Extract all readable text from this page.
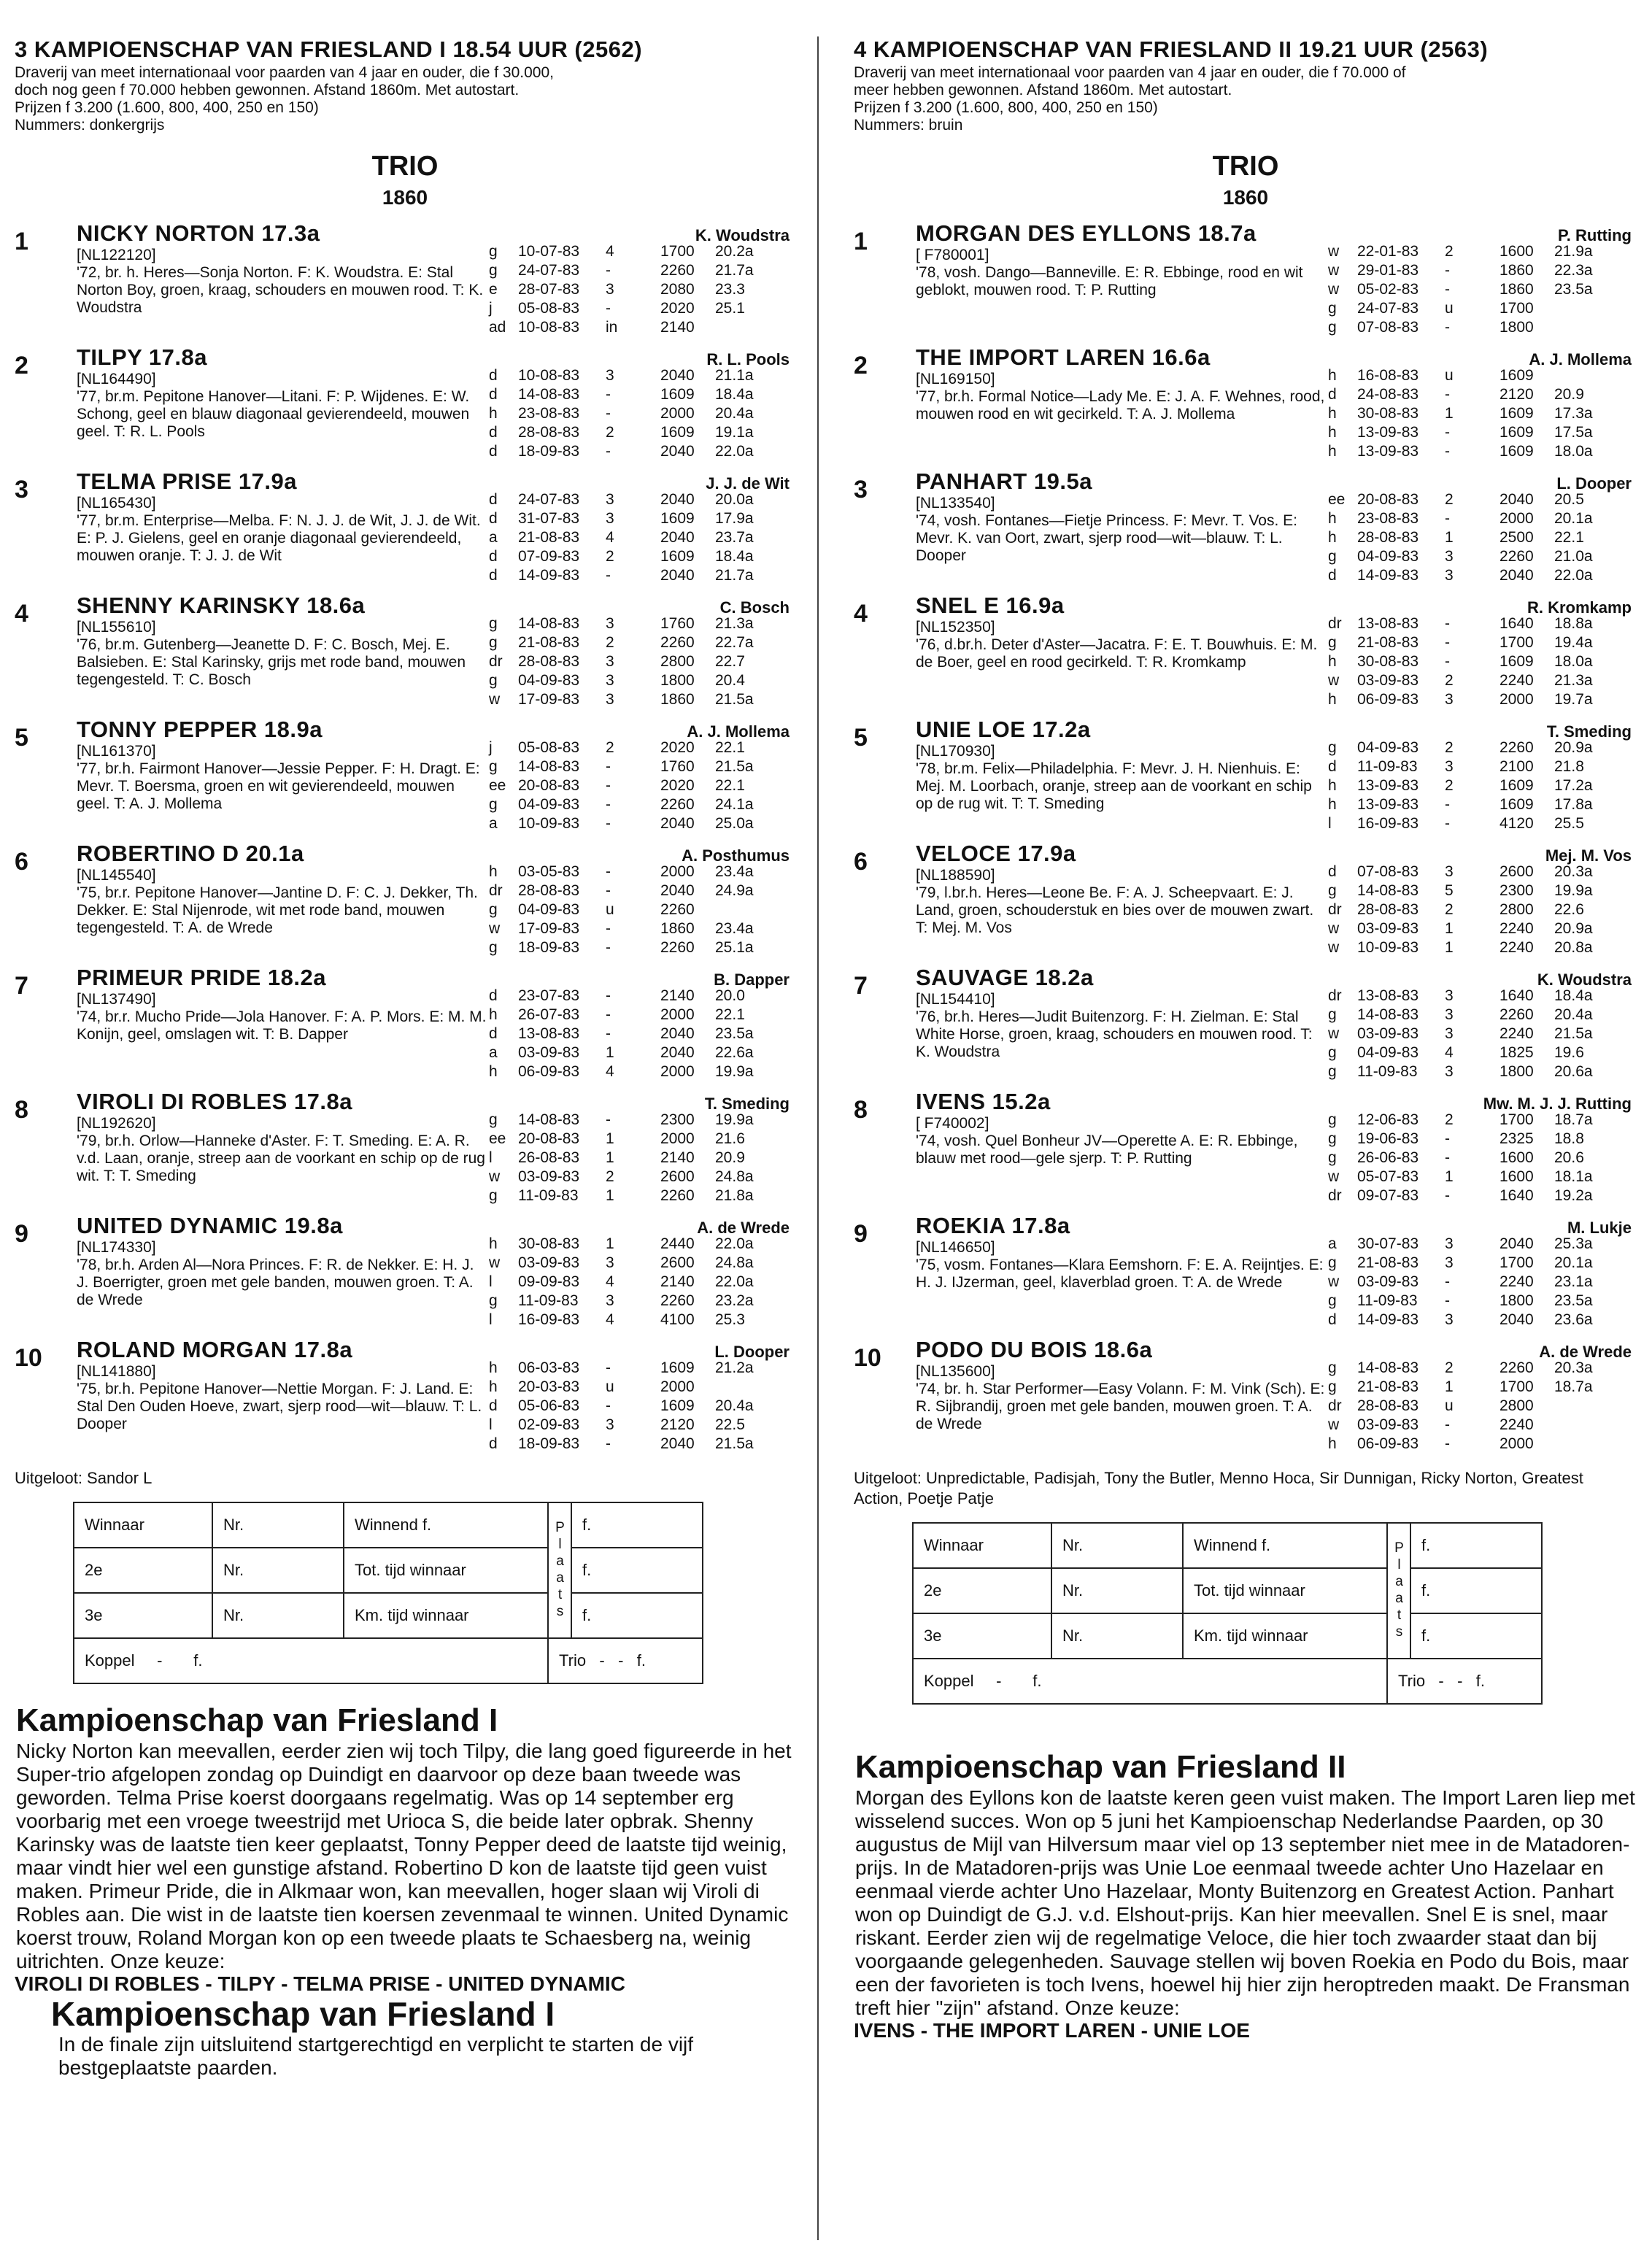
3 KAMPIOENSCHAP VAN FRIESLAND I 18.54 UUR (2562)
Draverij van meet internationaal voor paarden van 4 jaar en ouder, die f 30.000,
doch nog geen f 70.000 hebben gewonnen. Afstand 1860m. Met autostart.
Prijzen f 3.200 (1.600, 800, 400, 250 en 150)
Nummers: donkergrijs
TRIO
1860
1	NICKY NORTON 17.3a
[NL122120]
'72, br. h. Heres—Sonja Norton. F: K. Woudstra. E: Stal Norton Boy, groen, kraag, schouders en mouwen rood. T: K. Woudstra
K. Woudstra
g	10-07-83	4	1700	20.2a
g	24-07-83	-	2260	21.7a
e	28-07-83	3	2080	23.3
j	05-08-83	-	2020	25.1
ad 10-08-83	in	2140
2	TILPY 17.8a
[NL164490]
'77, br.m. Pepitone Hanover—Litani. F: P. Wijdenes. E: W. Schong, geel en blauw diagonaal gevierendeeld, mouwen geel. T: R. L. Pools
R. L. Pools
d	10-08-83	3	2040	21.1a
d	14-08-83	-	1609	18.4a
h	23-08-83	-	2000	20.4a
d	28-08-83	2	1609	19.1a
d	18-09-83	-	2040	22.0a
3	TELMA PRISE 17.9a
[NL165430]
'77, br.m. Enterprise—Melba. F: N. J. J. de Wit, J. J. de Wit. E: P. J. Gielens, geel en oranje diagonaal gevierendeeld, mouwen oranje. T: J. J. de Wit
J. J. de Wit
d	24-07-83	3	2040	20.0a
d	31-07-83	3	1609	17.9a
a	21-08-83	4	2040	23.7a
d	07-09-83	2	1609	18.4a
d	14-09-83	-	2040	21.7a
4	SHENNY KARINSKY 18.6a
[NL155610]
'76, br.m. Gutenberg—Jeanette D. F: C. Bosch, Mej. E. Balsieben. E: Stal Karinsky, grijs met rode band, mouwen tegengesteld. T: C. Bosch
C. Bosch
g	14-08-83	3	1760	21.3a
g	21-08-83	2	2260	22.7a
dr	28-08-83	3	2800	22.7
g	04-09-83	3	1800	20.4
w	17-09-83	3	1860	21.5a
5	TONNY PEPPER 18.9a
[NL161370]
'77, br.h. Fairmont Hanover—Jessie Pepper. F: H. Dragt. E: Mevr. T. Boersma, groen en wit gevierendeeld, mouwen geel. T: A. J. Mollema
A. J. Mollema
j	05-08-83	2	2020	22.1
g	14-08-83	-	1760	21.5a
ee 20-08-83	-	2020	22.1
g	04-09-83	-	2260	24.1a
a	10-09-83	-	2040	25.0a
6	ROBERTINO D 20.1a
[NL145540]
'75, br.r. Pepitone Hanover—Jantine D. F: C. J. Dekker, Th. Dekker. E: Stal Nijenrode, wit met rode band, mouwen tegengesteld. T: A. de Wrede
A. Posthumus
h	03-05-83	-	2000	23.4a
dr	28-08-83	-	2040	24.9a
g	04-09-83	u	2260
w	17-09-83	-	1860	23.4a
g	18-09-83	-	2260	25.1a
7	PRIMEUR PRIDE 18.2a
[NL137490]
'74, br.r. Mucho Pride—Jola Hanover. F: A. P. Mors. E: M. M. Konijn, geel, omslagen wit. T: B. Dapper
B. Dapper
d	23-07-83	-	2140	20.0
h	26-07-83	-	2000	22.1
d	13-08-83	-	2040	23.5a
a	03-09-83	1	2040	22.6a
h	06-09-83	4	2000	19.9a
8	VIROLI DI ROBLES 17.8a
[NL192620]
'79, br.h. Orlow—Hanneke d'Aster. F: T. Smeding. E: A. R. v.d. Laan, oranje, streep aan de voorkant en schip op de rug wit. T: T. Smeding
T. Smeding
g	14-08-83	-	2300	19.9a
ee 20-08-83	1	2000	21.6
l	26-08-83	1	2140	20.9
w	03-09-83	2	2600	24.8a
g	11-09-83	1	2260	21.8a
9	UNITED DYNAMIC 19.8a
[NL174330]
'78, br.h. Arden Al—Nora Princes. F: R. de Nekker. E: H. J. J. Boerrigter, groen met gele banden, mouwen groen. T: A. de Wrede
A. de Wrede
h	30-08-83	1	2440	22.0a
w	03-09-83	3	2600	24.8a
l	09-09-83	4	2140	22.0a
g	11-09-83	3	2260	23.2a
l	16-09-83	4	4100	25.3
10	ROLAND MORGAN 17.8a
[NL141880]
'75, br.h. Pepitone Hanover—Nettie Morgan. F: J. Land. E: Stal Den Ouden Hoeve, zwart, sjerp rood—wit—blauw. T: L. Dooper
L. Dooper
h	06-03-83	-	1609	21.2a
h	20-03-83	u	2000
d	05-06-83	-	1609	20.4a
l	02-09-83	3	2120	22.5
d	18-09-83	-	2040	21.5a
Uitgeloot: Sandor L
Winnaar	Nr.	Winnend f.	Plaats	f.
2e	Nr.	Tot. tijd winnaar		f.
3e	Nr.	Km. tijd winnaar		f.
Koppel - f.			Trio - - f.	
Kampioenschap van Friesland I
Nicky Norton kan meevallen, eerder zien wij toch Tilpy, die lang goed figureerde in het Super-trio afgelopen zondag op Duindigt en daarvoor op deze baan tweede was geworden. Telma Prise koerst doorgaans regelmatig. Was op 14 september erg voorbarig met een vroege tweestrijd met Urioca S, die beide later opbrak. Shenny Karinsky was de laatste tien keer geplaatst, Tonny Pepper deed de laatste tijd weinig, maar vindt hier wel een gunstige afstand. Robertino D kon de laatste tijd geen vuist maken. Primeur Pride, die in Alkmaar won, kan meevallen, hoger slaan wij Viroli di Robles aan. Die wist in de laatste tien koersen zevenmaal te winnen. United Dynamic koerst trouw, Roland Morgan kon op een tweede plaats te Schaesberg na, weinig uitrichten. Onze keuze:
VIROLI DI ROBLES - TILPY - TELMA PRISE - UNITED DYNAMIC
Kampioenschap van Friesland I
In de finale zijn uitsluitend startgerechtigd en verplicht te starten de vijf bestgeplaatste paarden.
4 KAMPIOENSCHAP VAN FRIESLAND II 19.21 UUR (2563)
Draverij van meet internationaal voor paarden van 4 jaar en ouder, die f 70.000 of
meer hebben gewonnen. Afstand 1860m. Met autostart.
Prijzen f 3.200 (1.600, 800, 400, 250 en 150)
Nummers: bruin
TRIO
1860
1	MORGAN DES EYLLONS 18.7a
[ F780001]
'78, vosh. Dango—Banneville. E: R. Ebbinge, rood en wit geblokt, mouwen rood. T: P. Rutting
P. Rutting
w	22-01-83	2	1600	21.9a
w	29-01-83	-	1860	22.3a
w	05-02-83	-	1860	23.5a
g	24-07-83	u	1700
g	07-08-83	-	1800
2	THE IMPORT LAREN 16.6a
[NL169150]
'77, br.h. Formal Notice—Lady Me. E: J. A. F. Wehnes, rood, mouwen rood en wit gecirkeld. T: A. J. Mollema
A. J. Mollema
h	16-08-83	u	1609
d	24-08-83	-	2120	20.9
h	30-08-83	1	1609	17.3a
h	13-09-83	-	1609	17.5a
h	13-09-83	-	1609	18.0a
3	PANHART 19.5a
[NL133540]
'74, vosh. Fontanes—Fietje Princess. F: Mevr. T. Vos. E: Mevr. K. van Oort, zwart, sjerp rood—wit—blauw. T: L. Dooper
L. Dooper
ee 20-08-83	2	2040	20.5
h	23-08-83	-	2000	20.1a
h	28-08-83	1	2500	22.1
g	04-09-83	3	2260	21.0a
d	14-09-83	3	2040	22.0a
4	SNEL E 16.9a
[NL152350]
'76, d.br.h. Deter d'Aster—Jacatra. F: E. T. Bouwhuis. E: M. de Boer, geel en rood gecirkeld. T: R. Kromkamp
R. Kromkamp
dr	13-08-83	-	1640	18.8a
g	21-08-83	-	1700	19.4a
h	30-08-83	-	1609	18.0a
w	03-09-83	2	2240	21.3a
h	06-09-83	3	2000	19.7a
5	UNIE LOE 17.2a
[NL170930]
'78, br.m. Felix—Philadelphia. F: Mevr. J. H. Nienhuis. E: Mej. M. Loorbach, oranje, streep aan de voorkant en schip op de rug wit. T: T. Smeding
T. Smeding
g	04-09-83	2	2260	20.9a
d	11-09-83	3	2100	21.8
h	13-09-83	2	1609	17.2a
h	13-09-83	-	1609	17.8a
l	16-09-83	-	4120	25.5
6	VELOCE 17.9a
[NL188590]
'79, l.br.h. Heres—Leone Be. F: A. J. Scheepvaart. E: J. Land, groen, schouderstuk en bies over de mouwen zwart. T: Mej. M. Vos
Mej. M. Vos
d	07-08-83	3	2600	20.3a
g	14-08-83	5	2300	19.9a
dr	28-08-83	2	2800	22.6
w	03-09-83	1	2240	20.9a
w	10-09-83	1	2240	20.8a
7	SAUVAGE 18.2a
[NL154410]
'76, br.h. Heres—Judit Buitenzorg. F: H. Zielman. E: Stal White Horse, groen, kraag, schouders en mouwen rood. T: K. Woudstra
K. Woudstra
dr	13-08-83	3	1640	18.4a
g	14-08-83	3	2260	20.4a
w	03-09-83	3	2240	21.5a
g	04-09-83	4	1825	19.6
g	11-09-83	3	1800	20.6a
8	IVENS 15.2a
[ F740002]
'74, vosh. Quel Bonheur JV—Operette A. E: R. Ebbinge, blauw met rood—gele sjerp. T: P. Rutting
Mw. M. J. J. Rutting
g	12-06-83	2	1700	18.7a
g	19-06-83	-	2325	18.8
g	26-06-83	-	1600	20.6
w	05-07-83	1	1600	18.1a
dr	09-07-83	-	1640	19.2a
9	ROEKIA 17.8a
[NL146650]
'75, vosm. Fontanes—Klara Eemshorn. F: E. A. Reijntjes. E: H. J. IJzerman, geel, klaverblad groen. T: A. de Wrede
M. Lukje
a	30-07-83	3	2040	25.3a
g	21-08-83	3	1700	20.1a
w	03-09-83	-	2240	23.1a
g	11-09-83	-	1800	23.5a
d	14-09-83	3	2040	23.6a
10	PODO DU BOIS 18.6a
[NL135600]
'74, br. h. Star Performer—Easy Volann. F: M. Vink (Sch). E: R. Sijbrandij, groen met gele banden, mouwen groen. T: A. de Wrede
A. de Wrede
g	14-08-83	2	2260	20.3a
g	21-08-83	1	1700	18.7a
dr	28-08-83	u	2800
w	03-09-83	-	2240
h	06-09-83	-	2000
Uitgeloot: Unpredictable, Padisjah, Tony the Butler, Menno Hoca, Sir Dunnigan, Ricky Norton, Greatest Action, Poetje Patje
Winnaar	Nr.	Winnend f.	Plaats	f.
2e	Nr.	Tot. tijd winnaar		f.
3e	Nr.	Km. tijd winnaar		f.
Koppel - f.			Trio - - f.	
Kampioenschap van Friesland II
Morgan des Eyllons kon de laatste keren geen vuist maken. The Import Laren liep met wisselend succes. Won op 5 juni het Kampioenschap Nederlandse Paarden, op 30 augustus de Mijl van Hilversum maar viel op 13 september niet mee in de Matadoren-prijs. In de Matadoren-prijs was Unie Loe eenmaal tweede achter Uno Hazelaar en eenmaal vierde achter Uno Hazelaar, Monty Buitenzorg en Greatest Action. Panhart won op Duindigt de G.J. v.d. Elshout-prijs. Kan hier meevallen. Snel E is snel, maar riskant. Eerder zien wij de regelmatige Veloce, die hier toch zwaarder staat dan bij voorgaande gelegenheden. Sauvage stellen wij boven Roekia en Podo du Bois, maar een der favorieten is toch Ivens, hoewel hij hier zijn heroptreden maakt. De Fransman treft hier "zijn" afstand. Onze keuze:
IVENS - THE IMPORT LAREN - UNIE LOE
